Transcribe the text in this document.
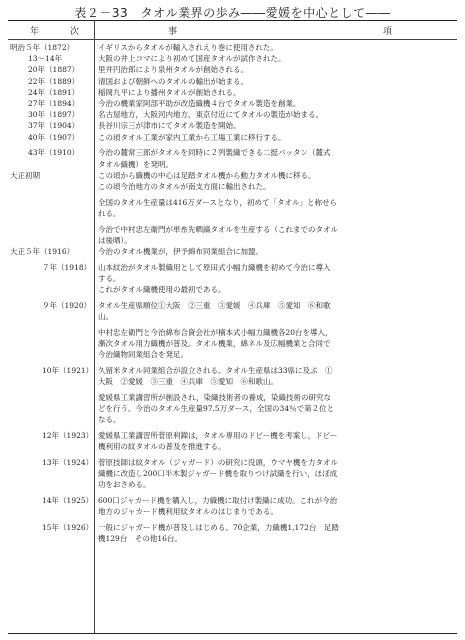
表２－33　タオル業界の歩み――愛媛を中心として――
年	次	事	項
明治５年（1872）	イギリスからタオルが輸入されえり巻に使用された。
13～14年	大阪の井上コマにより初めて国産タオルが試作された。
20年（1887）	里井円治郎により泉州タオルが創始される。
22年（1889）	清国および朝鮮へのタオルの輸出が始まる。
24年（1891）	稲岡九平により播州タオルが創始される。
27年（1894）	今治の機業家阿部平助が改造織機４台でタオル製造を創業。
30年（1897）	名古屋地方，大阪河内地方，東京付近にてタオルの製造が始まる。
37年（1904）	長谷川宗三が津市にてタオル製造を開始。
40年（1907）	この頃タオル工業が家内工業から工場工業に移行する。
43年（1910）	今治の麓常三郎がタオルを同時に２列製織できる二挺バッタン（麓式
タオル織機）を発明。
大正初期	この頃から織機の中心は足踏タオル機から動力タオル機に移る。
この頃今治地方のタオルが南支方面に輸出された。
全国のタオル生産量は416万ダースとなり，初めて「タオル」と称せら
れる。
今治で中村忠左衛門が単糸先晒縞タオルを生産する（これまでのタオル
は後晒）。
大正５年（1916）	今治のタオル機業が，伊予綿布同業組合に加盟。
７年（1918） 山本紋治がタオル製織用として原田式小幅力織機を初めて今治に導入
する。
これがタオル織機使用の最初である。
９年（1920） タオル生産県順位①大阪　②三重　③愛媛　④兵庫　⑤愛知　⑥和歌
山。
中村忠左衛門と今治綿布合資会社が楠本式小幅力織機各20台を導入，
漸次タオル用力織機が普及。タオル機業，綿ネル及広幅機業と合同で
今治織物同業組合を発足。
10年（1921） 久留米タオル同業組合が設立される。タオル生産県は33県に及ぶ　①
大阪　②愛媛　③三重　④兵庫　⑤愛知　⑥和歌山。
愛媛県工業講習所が創設され，染織技術者の養成，染織技術の研究な
どを行う。今治のタオル生産量97.5万ダース，全国の34％で第２位と
なる。
12年（1923） 愛媛県工業講習所菅原利鑅は，タオル専用のドビー機を考案し，ドビー
機利用の紋タオルの普及を推進する。
13年（1924） 菅原技師は紋タオル（ジャガード）の研究に没頭，ウマヤ機を力タオル
織機に改造し200口半木製ジャガード機を取りつけ試織を行い，ほぼ成
功をおさめる。
14年（1925） 600口ジャカード機を購入し，力織機に取付け製織に成功。これが今治
地方のジャカード機利用紋タオルのはじまりである。
15年（1926） 一般にジャガード機が普及しはじめる。70企業，力織機1,172台　足踏
機129台　その他16台。
